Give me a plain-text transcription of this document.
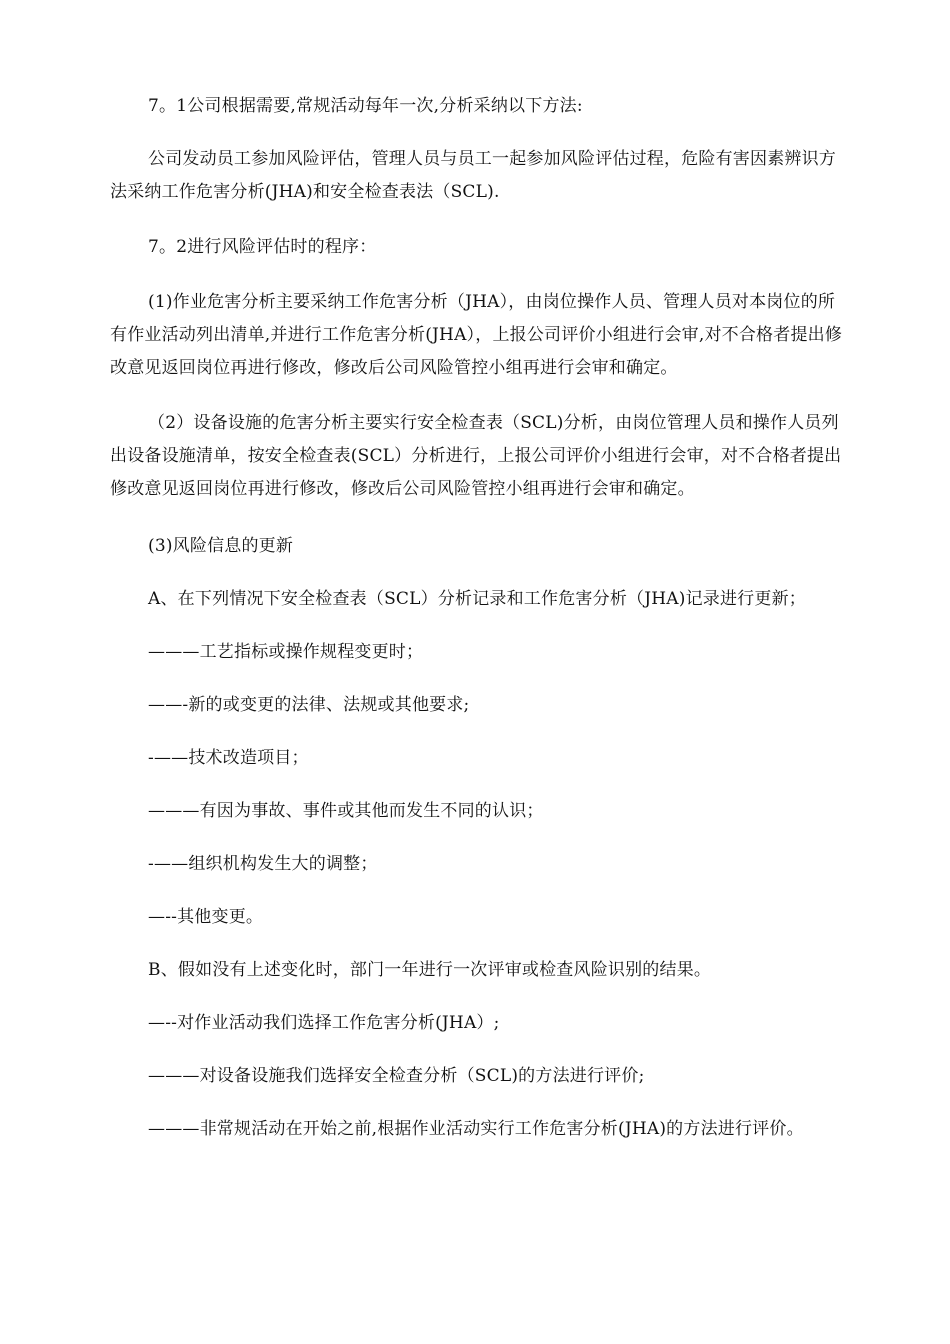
7。1公司根据需要,常规活动每年一次,分析采纳以下方法:

公司发动员工参加风险评估，管理人员与员工一起参加风险评估过程，危险有害因素辨识方法采纳工作危害分析(JHA)和安全检查表法（SCL).

7。2进行风险评估时的程序：

(1)作业危害分析主要采纳工作危害分析（JHA），由岗位操作人员、管理人员对本岗位的所有作业活动列出清单,并进行工作危害分析(JHA），上报公司评价小组进行会审,对不合格者提出修改意见返回岗位再进行修改，修改后公司风险管控小组再进行会审和确定。

（2）设备设施的危害分析主要实行安全检查表（SCL)分析，由岗位管理人员和操作人员列出设备设施清单，按安全检查表(SCL）分析进行，上报公司评价小组进行会审，对不合格者提出修改意见返回岗位再进行修改，修改后公司风险管控小组再进行会审和确定。

(3)风险信息的更新

A、在下列情况下安全检查表（SCL）分析记录和工作危害分析（JHA)记录进行更新；

———工艺指标或操作规程变更时；

——-新的或变更的法律、法规或其他要求;

-——技术改造项目；

———有因为事故、事件或其他而发生不同的认识；

-——组织机构发生大的调整；

—--其他变更。

B、假如没有上述变化时，部门一年进行一次评审或检查风险识别的结果。

—--对作业活动我们选择工作危害分析(JHA）;

———对设备设施我们选择安全检查分析（SCL)的方法进行评价;

———非常规活动在开始之前,根据作业活动实行工作危害分析(JHA)的方法进行评价。
